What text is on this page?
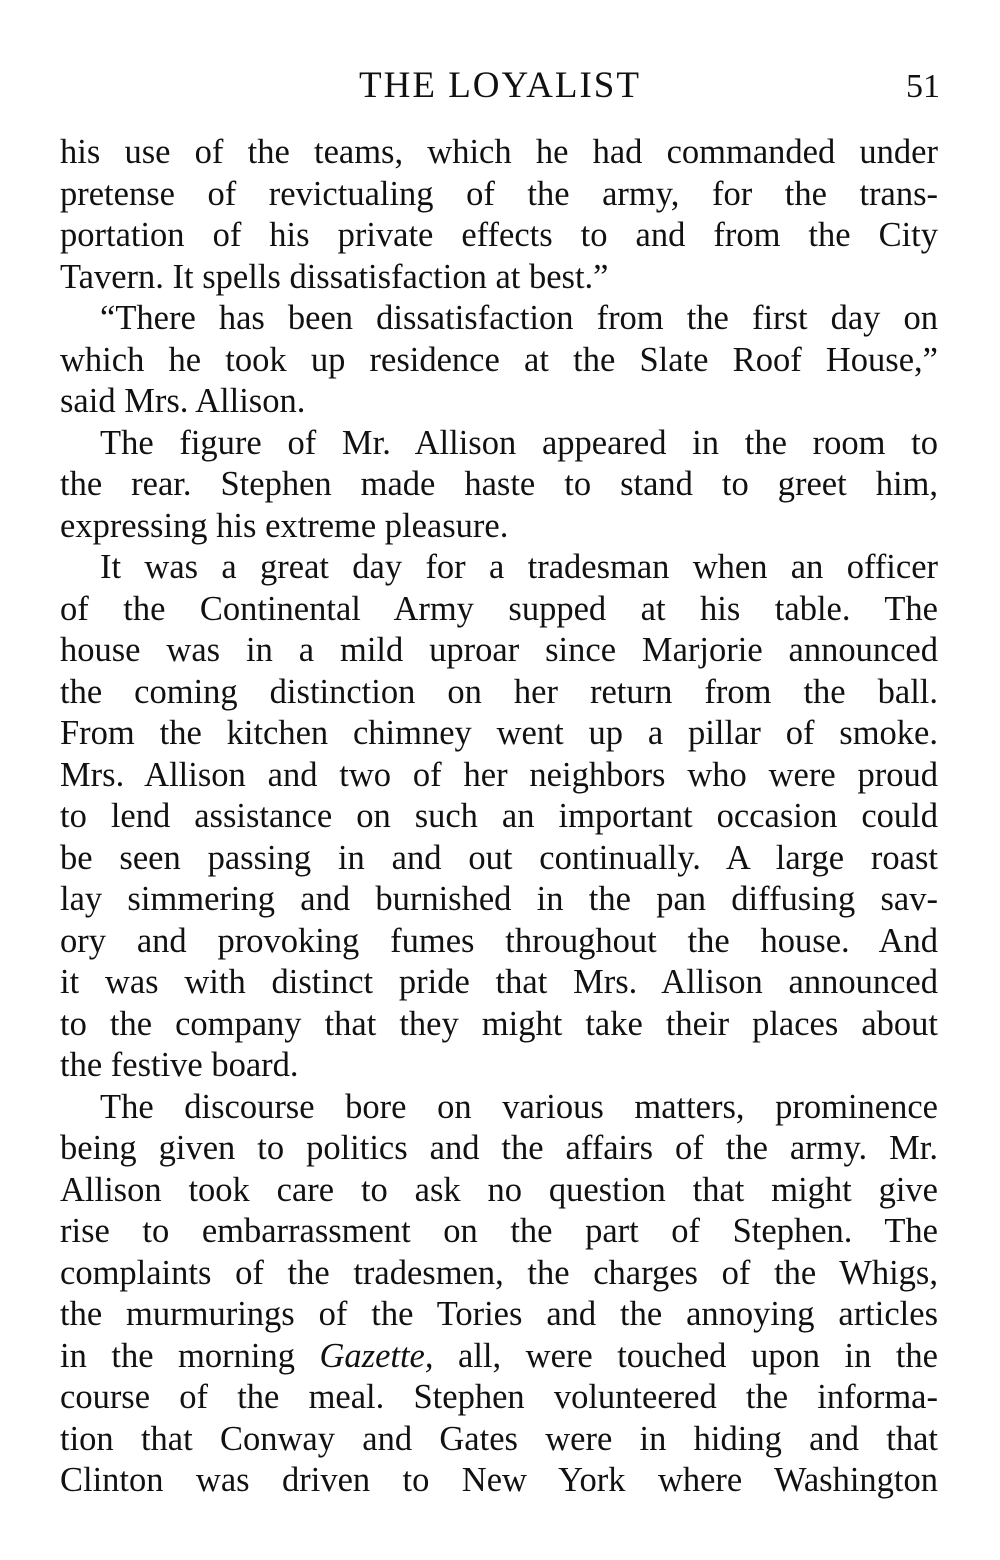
THE LOYALIST	51
his use of the teams, which he had commanded under
pretense of revictualing of the army, for the trans-
portation of his private effects to and from the City
Tavern. It spells dissatisfaction at best.”
“There has been dissatisfaction from the first day on
which he took up residence at the Slate Roof House,”
said Mrs. Allison.
The figure of Mr. Allison appeared in the room to
the rear. Stephen made haste to stand to greet him,
expressing his extreme pleasure.
It was a great day for a tradesman when an officer
of the Continental Army supped at his table. The
house was in a mild uproar since Marjorie announced
the coming distinction on her return from the ball.
From the kitchen chimney went up a pillar of smoke.
Mrs. Allison and two of her neighbors who were proud
to lend assistance on such an important occasion could
be seen passing in and out continually. A large roast
lay simmering and burnished in the pan diffusing sav-
ory and provoking fumes throughout the house. And
it was with distinct pride that Mrs. Allison announced
to the company that they might take their places about
the festive board.
The discourse bore on various matters, prominence
being given to politics and the affairs of the army. Mr.
Allison took care to ask no question that might give
rise to embarrassment on the part of Stephen. The
complaints of the tradesmen, the charges of the Whigs,
the murmurings of the Tories and the annoying articles
in the morning Gazette, all, were touched upon in the
course of the meal. Stephen volunteered the informa-
tion that Conway and Gates were in hiding and that
Clinton was driven to New York where Washington
